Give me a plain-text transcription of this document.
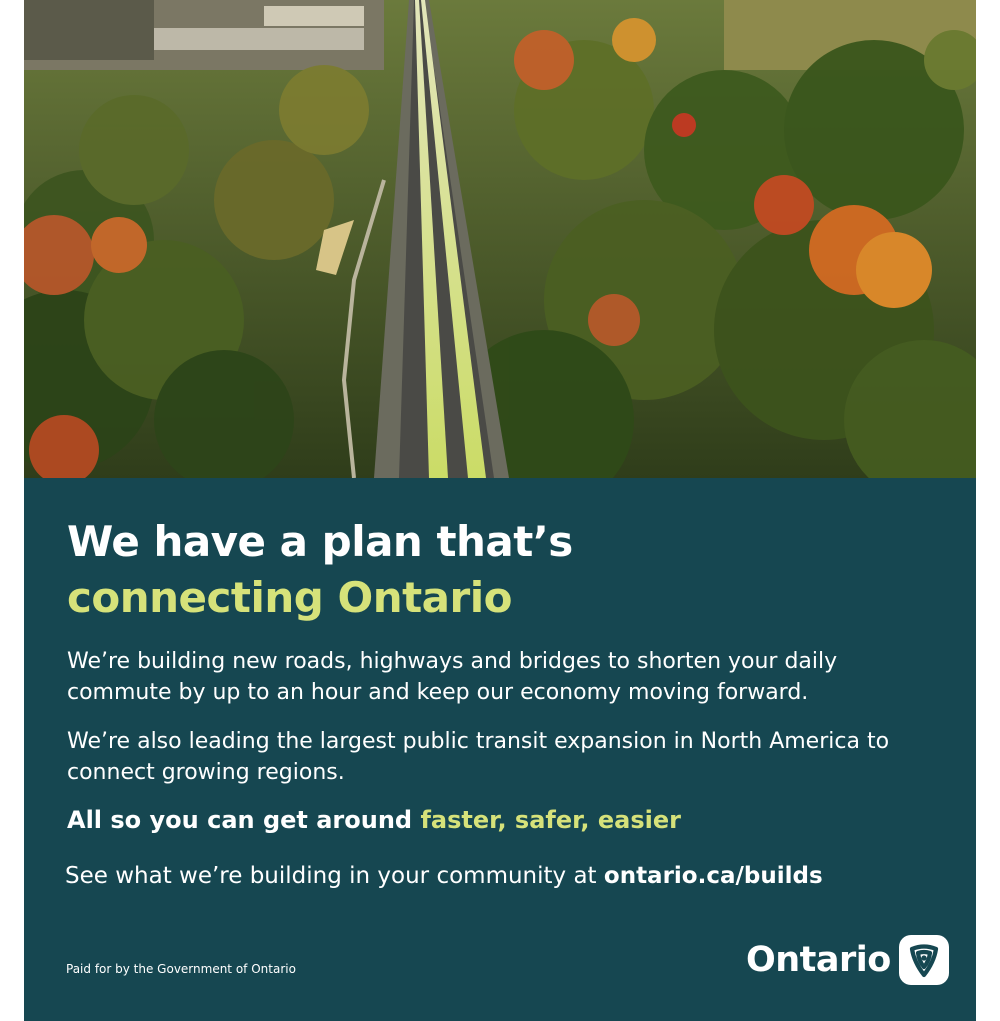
We have a plan that’s
connecting Ontario

We’re building new roads, highways and bridges to shorten your daily commute by up to an hour and keep our economy moving forward.

We’re also leading the largest public transit expansion in North America to connect growing regions.

All so you can get around faster, safer, easier

See what we’re building in your community at ontario.ca/builds

Paid for by the Government of Ontario	Ontario
